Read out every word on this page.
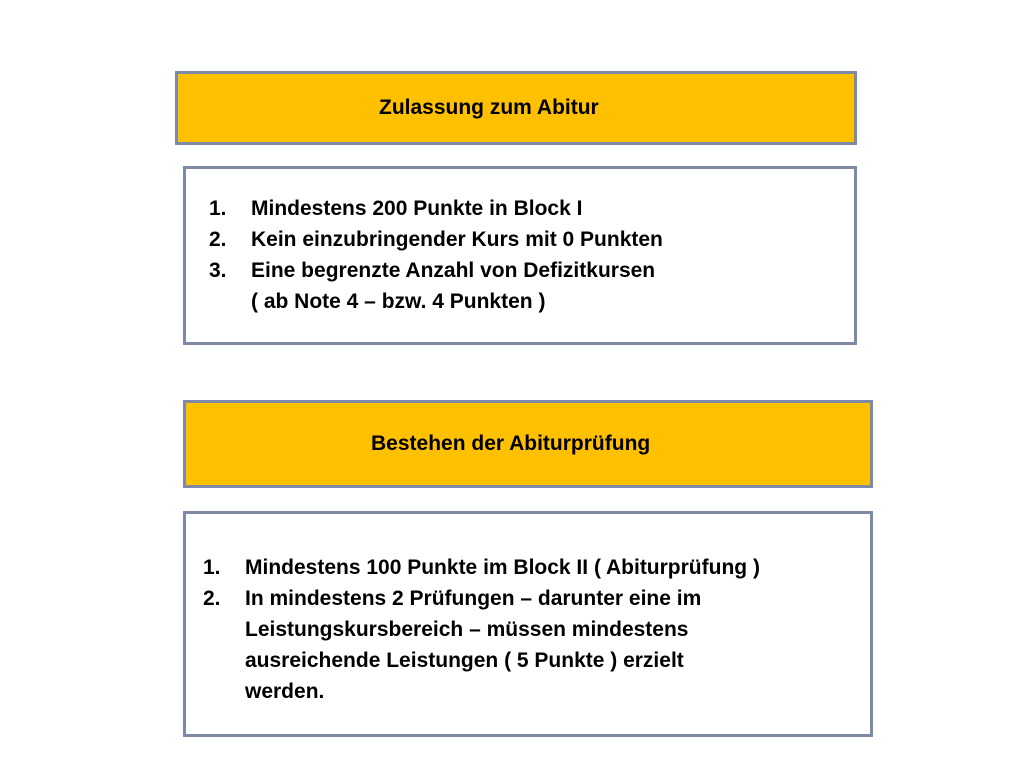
Zulassung zum Abitur
1.	Mindestens 200 Punkte in Block I
2.	Kein einzubringender Kurs mit 0 Punkten
3.	Eine begrenzte Anzahl von Defizitkursen
( ab Note 4 – bzw. 4 Punkten )
Bestehen der Abiturprüfung
1.	Mindestens 100 Punkte im Block II ( Abiturprüfung )
2.	In mindestens 2 Prüfungen – darunter eine im
Leistungskursbereich – müssen mindestens
ausreichende Leistungen ( 5 Punkte ) erzielt
werden.
